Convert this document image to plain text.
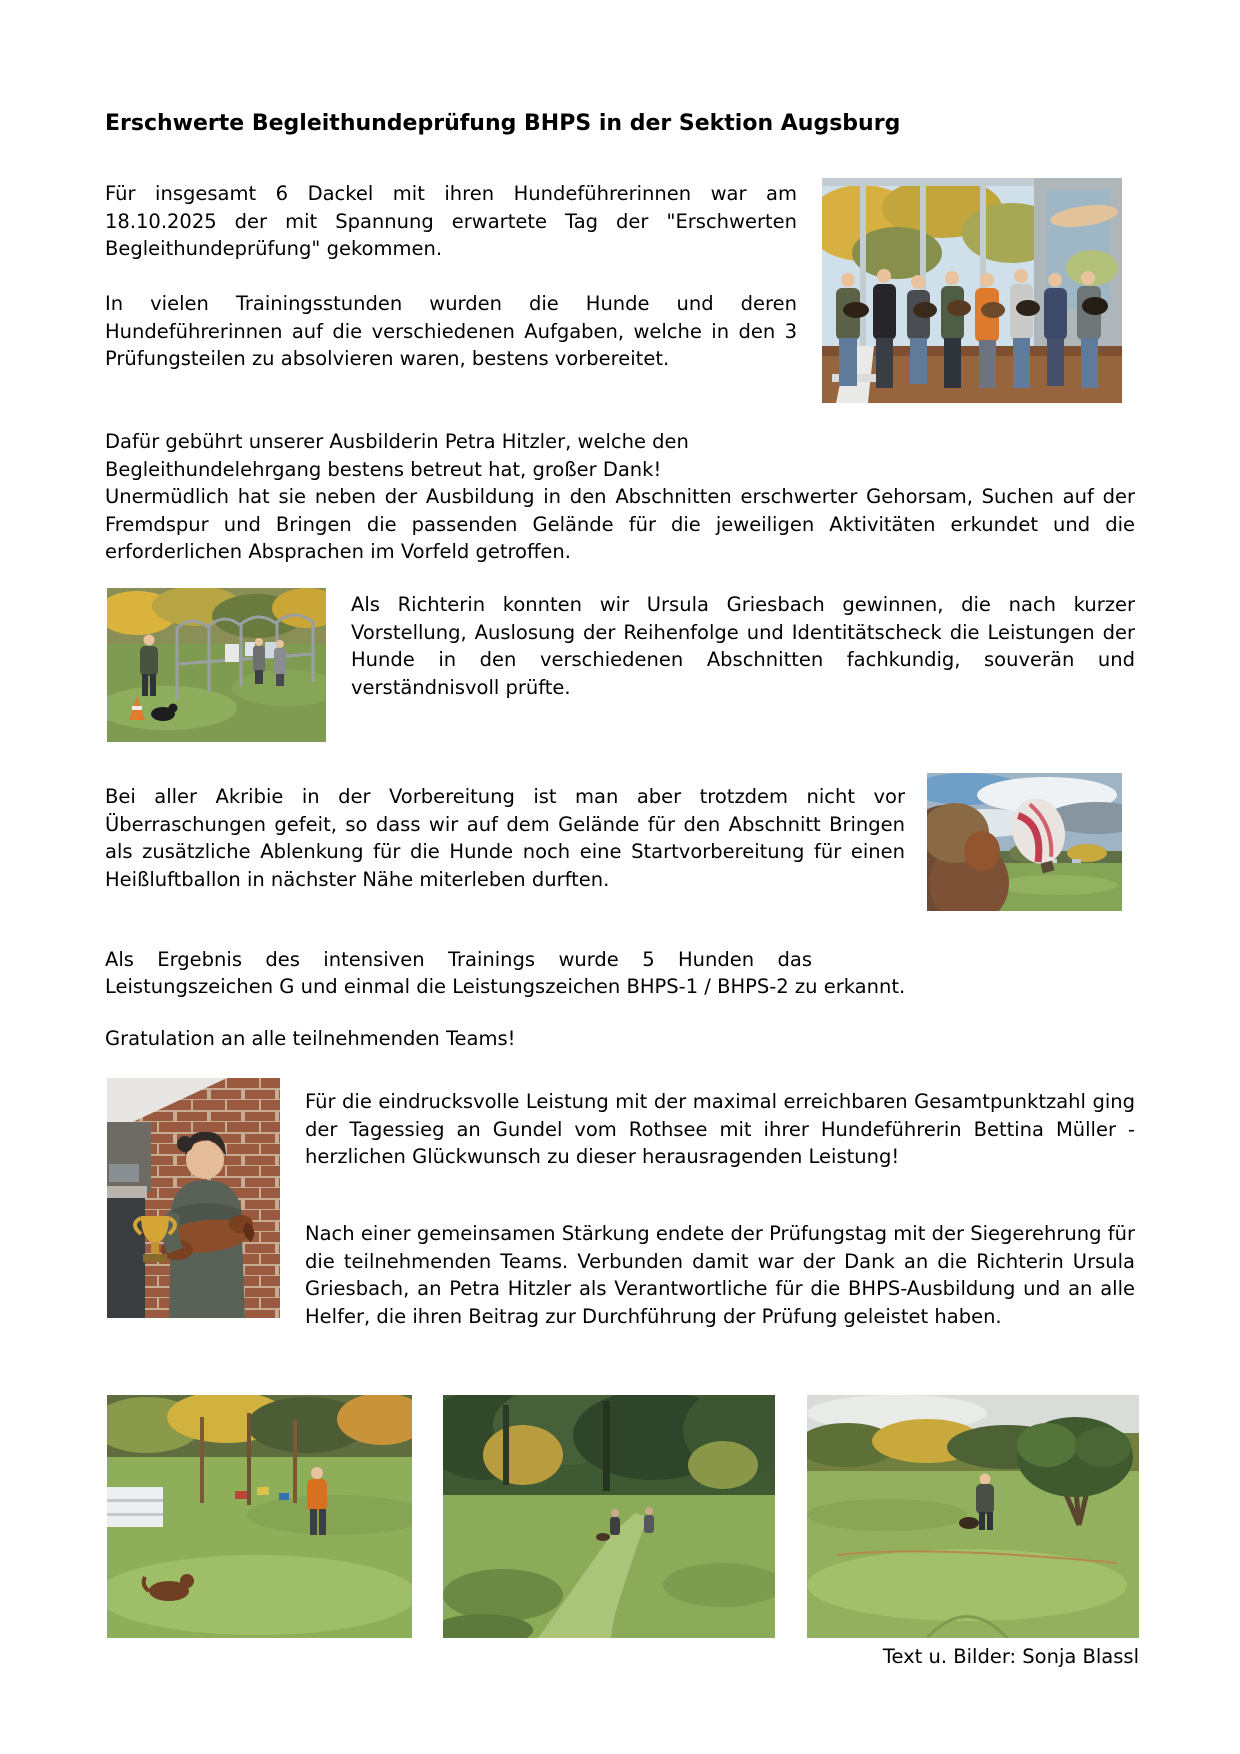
Erschwerte Begleithundeprüfung BHPS in der Sektion Augsburg
Für insgesamt 6 Dackel mit ihren Hundeführerinnen war am 18.10.2025 der mit Spannung erwartete Tag der "Erschwerten Begleithundeprüfung" gekommen.
In vielen Trainingsstunden wurden die Hunde und deren Hundeführerinnen auf die verschiedenen Aufgaben, welche in den 3 Prüfungsteilen zu absolvieren waren, bestens vorbereitet.
Dafür gebührt unserer Ausbilderin Petra Hitzler, welche den
Begleithundelehrgang bestens betreut hat, großer Dank!
Unermüdlich hat sie neben der Ausbildung in den Abschnitten erschwerter Gehorsam, Suchen auf der Fremdspur und Bringen die passenden Gelände für die jeweiligen Aktivitäten erkundet und die erforderlichen Absprachen im Vorfeld getroffen.
Als Richterin konnten wir Ursula Griesbach gewinnen, die nach kurzer Vorstellung, Auslosung der Reihenfolge und Identitätscheck die Leistungen der Hunde in den verschiedenen Abschnitten fachkundig, souverän und verständnisvoll prüfte.
Bei aller Akribie in der Vorbereitung ist man aber trotzdem nicht vor Überraschungen gefeit, so dass wir auf dem Gelände für den Abschnitt Bringen als zusätzliche Ablenkung für die Hunde noch eine Startvorbereitung für einen Heißluftballon in nächster Nähe miterleben durften.
Als Ergebnis des intensiven Trainings wurde 5 Hunden das
Leistungszeichen G und einmal die Leistungszeichen BHPS-1 / BHPS-2 zu erkannt.
Gratulation an alle teilnehmenden Teams!
Für die eindrucksvolle Leistung mit der maximal erreichbaren Gesamtpunktzahl ging der Tagessieg an Gundel vom Rothsee mit ihrer Hundeführerin Bettina Müller - herzlichen Glückwunsch zu dieser herausragenden Leistung!
Nach einer gemeinsamen Stärkung endete der Prüfungstag mit der Siegerehrung für die teilnehmenden Teams. Verbunden damit war der Dank an die Richterin Ursula Griesbach, an Petra Hitzler als Verantwortliche für die BHPS-Ausbildung und an alle Helfer, die ihren Beitrag zur Durchführung der Prüfung geleistet haben.
Text u. Bilder: Sonja Blassl
